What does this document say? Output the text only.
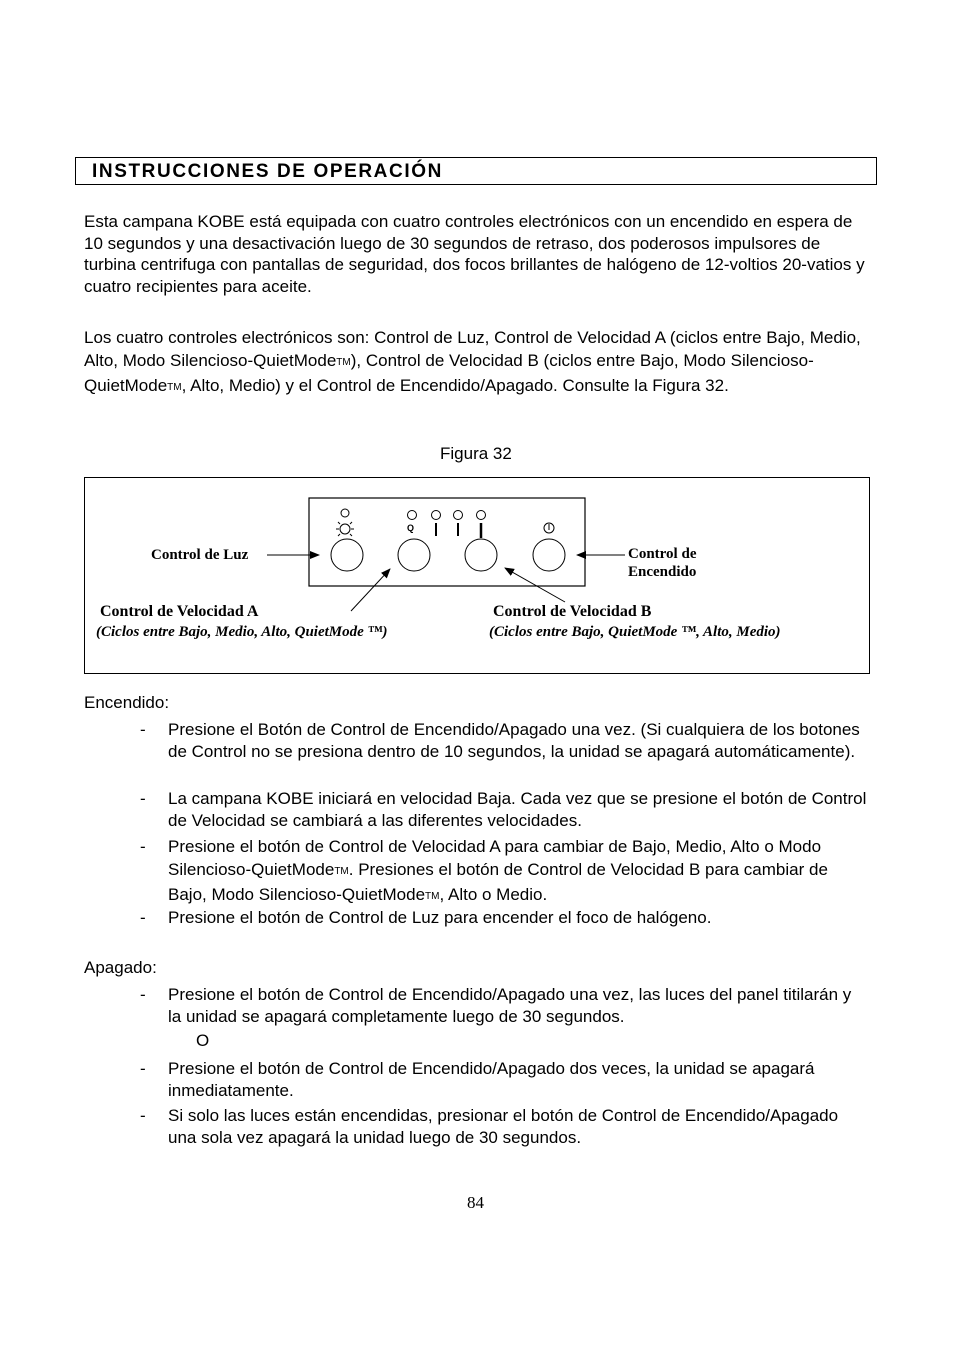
INSTRUCCIONES DE OPERACIÓN
Esta campana KOBE está equipada con cuatro controles electrónicos con un encendido en espera de 10 segundos y una desactivación luego de 30 segundos de retraso, dos poderosos impulsores de turbina centrifuga con pantallas de seguridad, dos focos brillantes de halógeno de 12-voltios 20-vatios y cuatro recipientes para aceite.
Los cuatro controles electrónicos son: Control de Luz, Control de Velocidad A (ciclos entre Bajo, Medio, Alto, Modo Silencioso-QuietModeTM), Control de Velocidad B (ciclos entre Bajo, Modo Silencioso-QuietModeTM, Alto, Medio) y el Control de Encendido/Apagado. Consulte la Figura 32.
Figura 32
Q
Control de Luz	Control de
Encendido
Control de Velocidad A
(Ciclos entre Bajo, Medio, Alto, QuietMode ™)
Control de Velocidad B
(Ciclos entre Bajo, QuietMode ™, Alto, Medio)
Encendido:
- Presione el Botón de Control de Encendido/Apagado una vez. (Si cualquiera de los botones de Control no se presiona dentro de 10 segundos, la unidad se apagará automáticamente).
- La campana KOBE iniciará en velocidad Baja. Cada vez que se presione el botón de Control de Velocidad se cambiará a las diferentes velocidades.
- Presione el botón de Control de Velocidad A para cambiar de Bajo, Medio, Alto o Modo Silencioso-QuietModeTM. Presiones el botón de Control de Velocidad B para cambiar de Bajo, Modo Silencioso-QuietModeTM, Alto o Medio.
- Presione el botón de Control de Luz para encender el foco de halógeno.
Apagado:
- Presione el botón de Control de Encendido/Apagado una vez, las luces del panel titilarán y la unidad se apagará completamente luego de 30 segundos.
O
- Presione el botón de Control de Encendido/Apagado dos veces, la unidad se apagará inmediatamente.
- Si solo las luces están encendidas, presionar el botón de Control de Encendido/Apagado una sola vez apagará la unidad luego de 30 segundos.
84
